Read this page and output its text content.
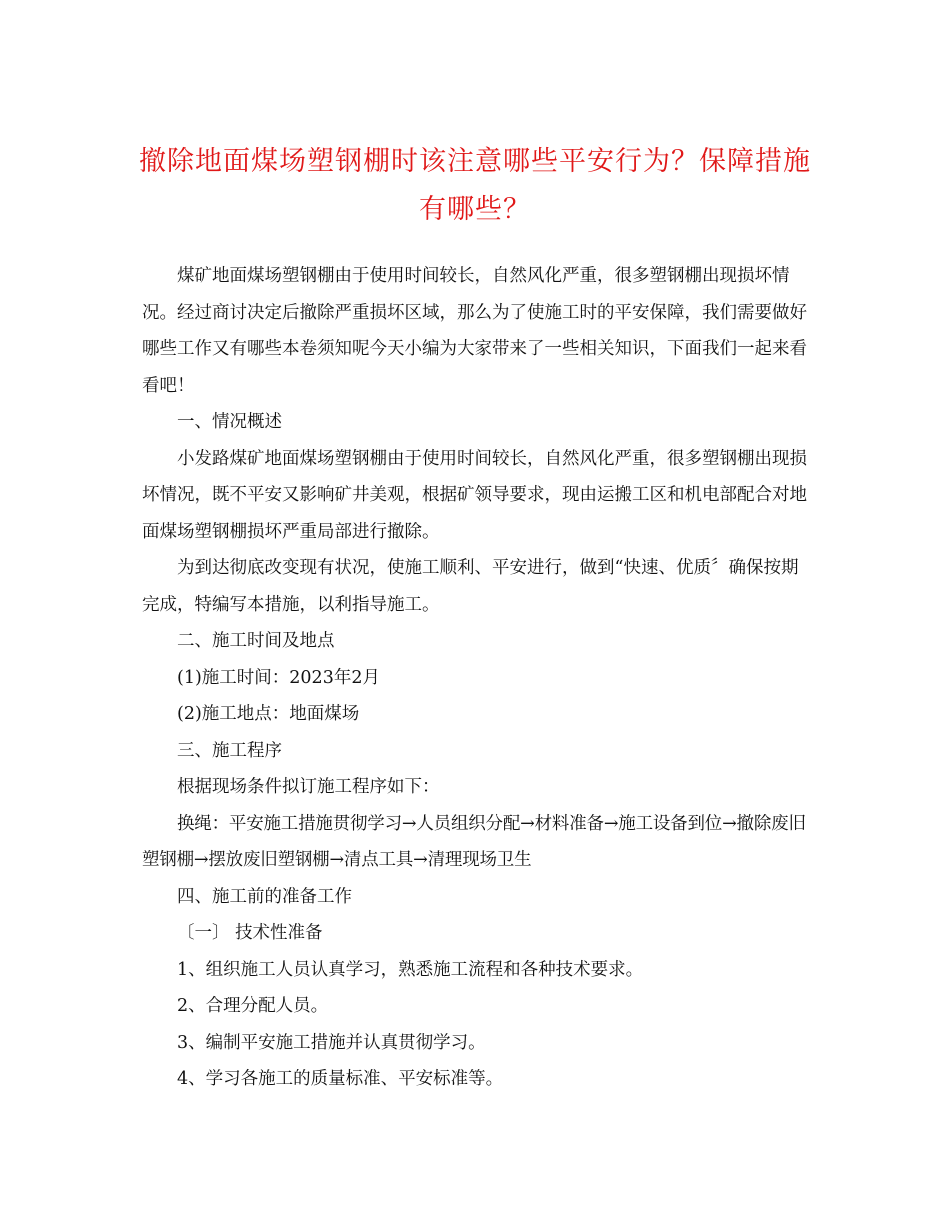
撤除地面煤场塑钢棚时该注意哪些平安行为？保障措施有哪些？

煤矿地面煤场塑钢棚由于使用时间较长，自然风化严重，很多塑钢棚出现损坏情况。经过商讨决定后撤除严重损坏区域，那么为了使施工时的平安保障，我们需要做好哪些工作又有哪些本卷须知呢今天小编为大家带来了一些相关知识，下面我们一起来看看吧！

一、情况概述

小发路煤矿地面煤场塑钢棚由于使用时间较长，自然风化严重，很多塑钢棚出现损坏情况，既不平安又影响矿井美观，根据矿领导要求，现由运搬工区和机电部配合对地面煤场塑钢棚损坏严重局部进行撤除。

为到达彻底改变现有状况，使施工顺利、平安进行，做到“快速、优质〞确保按期完成，特编写本措施，以利指导施工。

二、施工时间及地点

(1)施工时间：2023年2月

(2)施工地点：地面煤场

三、施工程序

根据现场条件拟订施工程序如下：

换绳：平安施工措施贯彻学习→人员组织分配→材料准备→施工设备到位→撤除废旧塑钢棚→摆放废旧塑钢棚→清点工具→清理现场卫生

四、施工前的准备工作

〔一〕 技术性准备

1、组织施工人员认真学习，熟悉施工流程和各种技术要求。

2、合理分配人员。

3、编制平安施工措施并认真贯彻学习。

4、学习各施工的质量标准、平安标准等。
